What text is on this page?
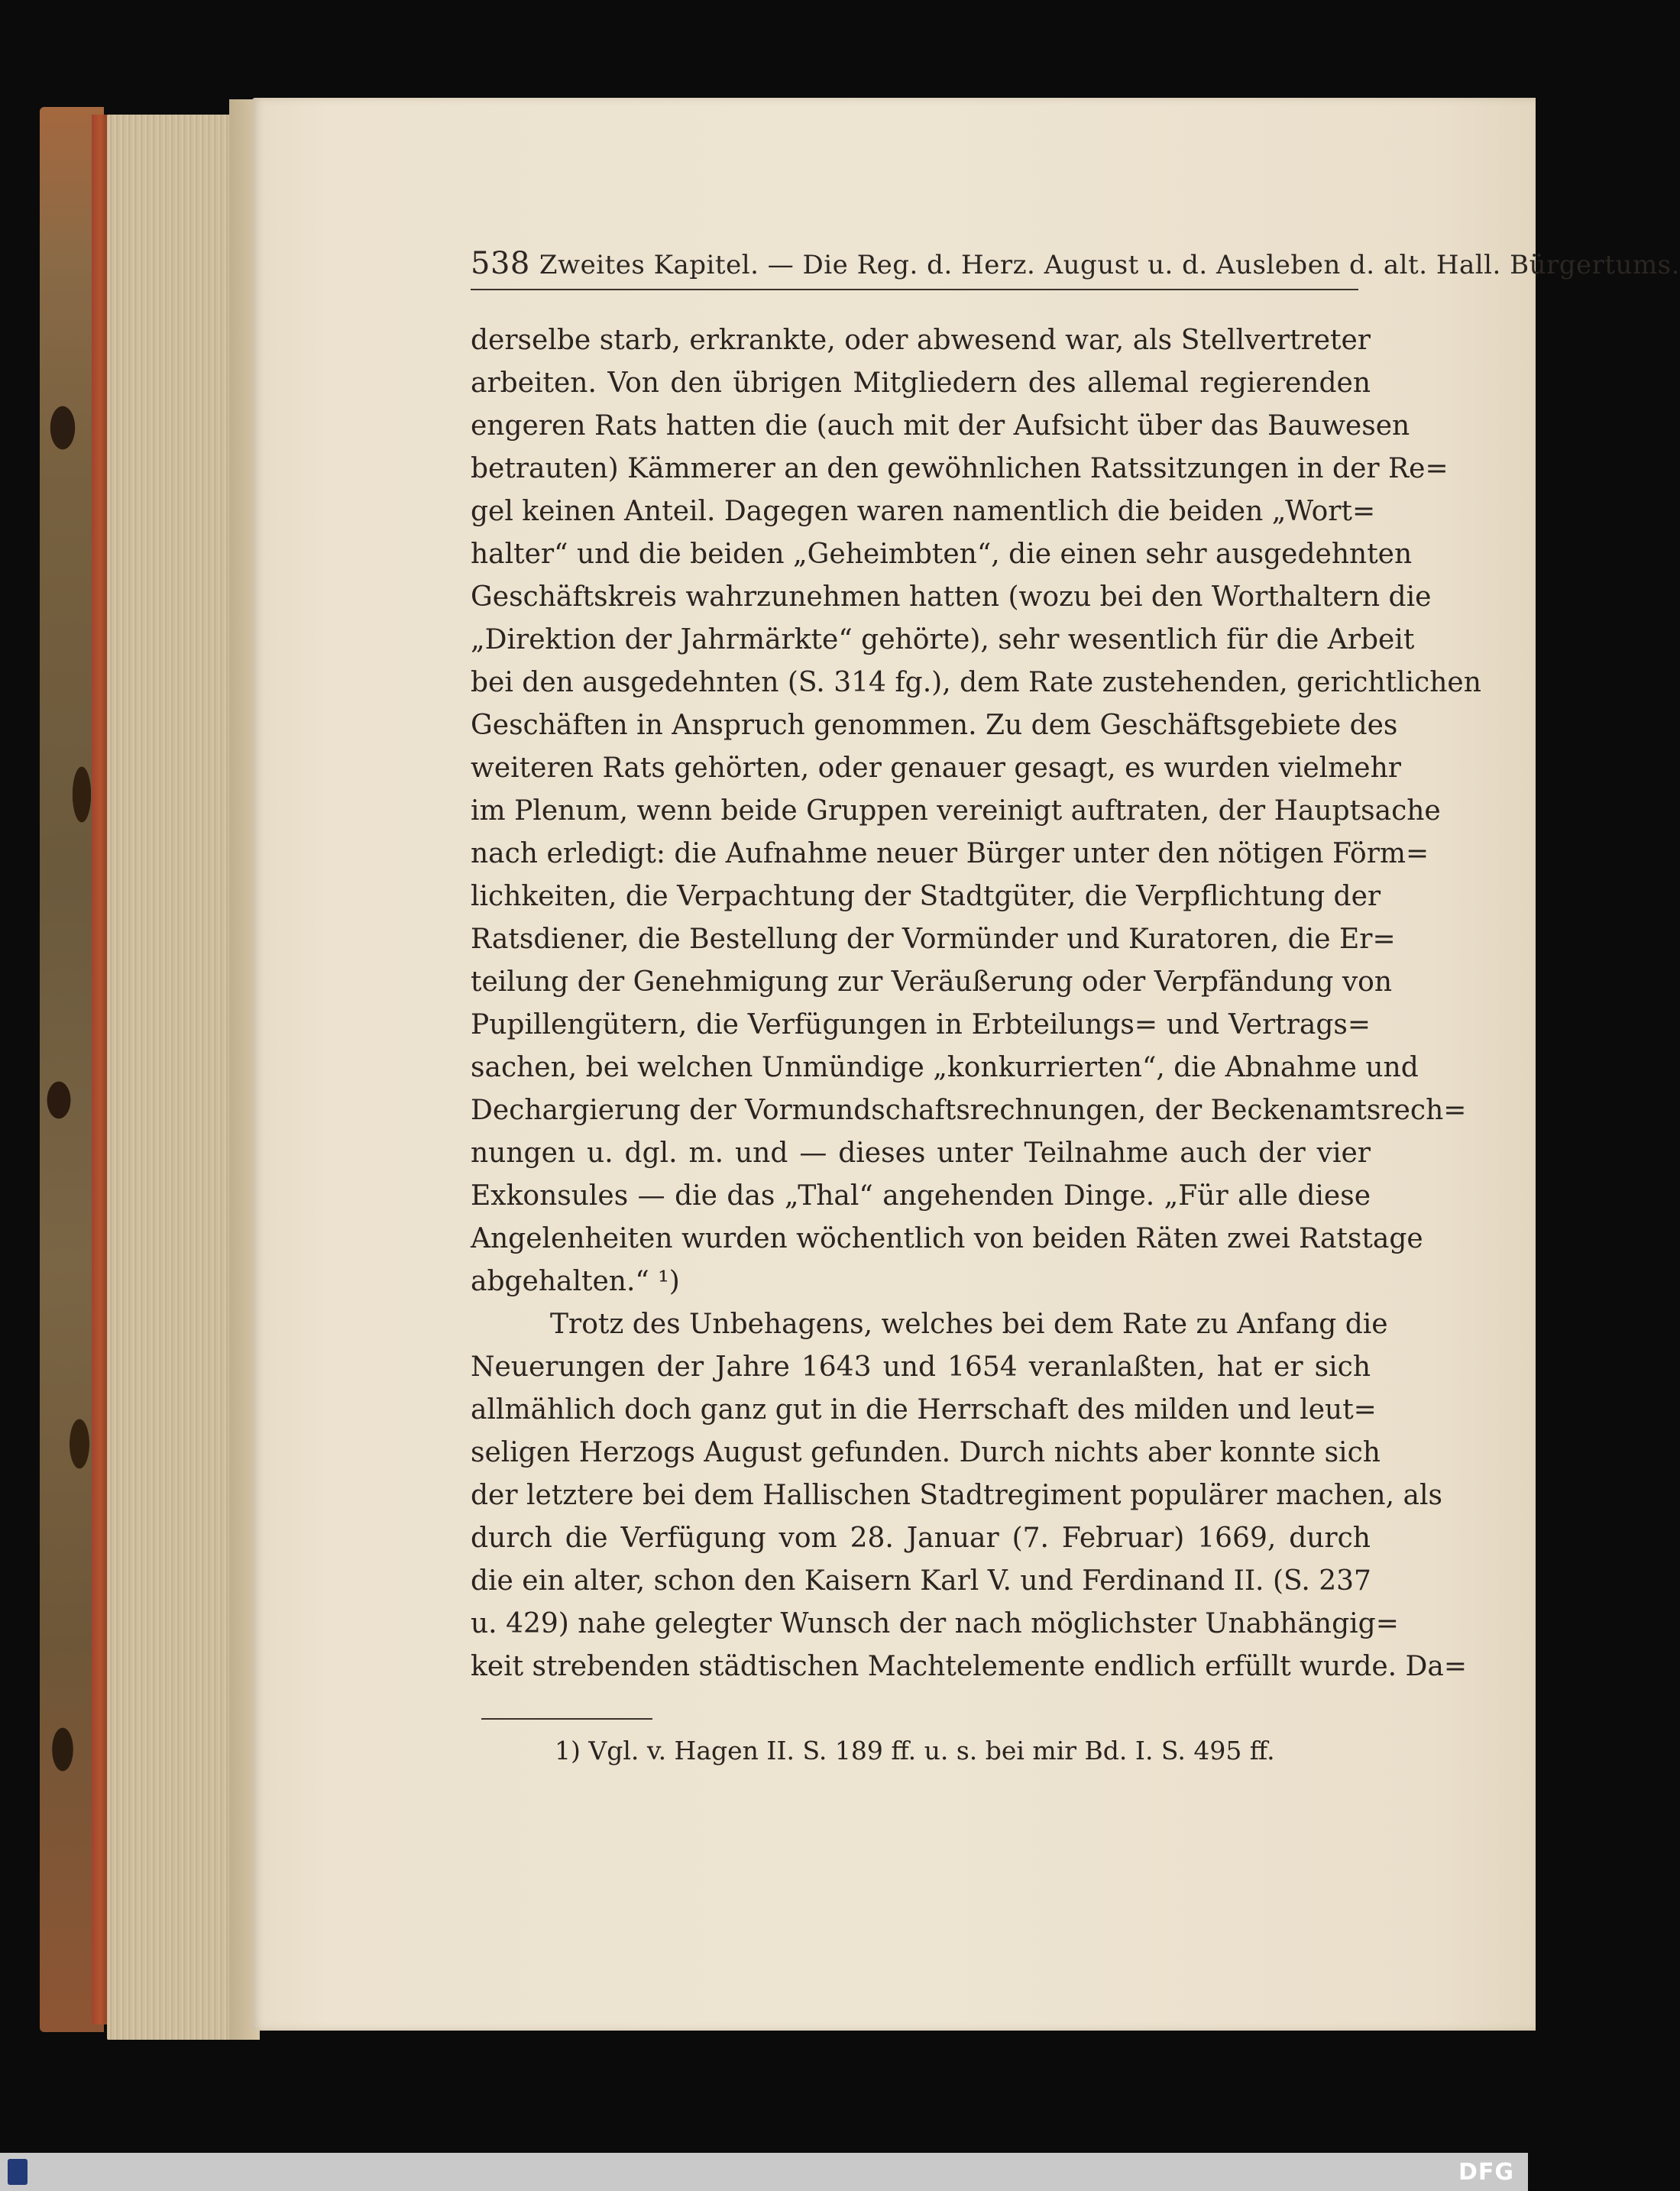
538 Zweites Kapitel. — Die Reg. d. Herz. August u. d. Ausleben d. alt. Hall. Bürgertums.
derselbe starb, erkrankte, oder abwesend war, als Stellvertreter
arbeiten. Von den übrigen Mitgliedern des allemal regierenden
engeren Rats hatten die (auch mit der Aufsicht über das Bauwesen
betrauten) Kämmerer an den gewöhnlichen Ratssitzungen in der Re=
gel keinen Anteil. Dagegen waren namentlich die beiden „Wort=
halter“ und die beiden „Geheimbten“, die einen sehr ausgedehnten
Geschäftskreis wahrzunehmen hatten (wozu bei den Worthaltern die
„Direktion der Jahrmärkte“ gehörte), sehr wesentlich für die Arbeit
bei den ausgedehnten (S. 314 fg.), dem Rate zustehenden, gerichtlichen
Geschäften in Anspruch genommen. Zu dem Geschäftsgebiete des
weiteren Rats gehörten, oder genauer gesagt, es wurden vielmehr
im Plenum, wenn beide Gruppen vereinigt auftraten, der Hauptsache
nach erledigt: die Aufnahme neuer Bürger unter den nötigen Förm=
lichkeiten, die Verpachtung der Stadtgüter, die Verpflichtung der
Ratsdiener, die Bestellung der Vormünder und Kuratoren, die Er=
teilung der Genehmigung zur Veräußerung oder Verpfändung von
Pupillengütern, die Verfügungen in Erbteilungs= und Vertrags=
sachen, bei welchen Unmündige „konkurrierten“, die Abnahme und
Dechargierung der Vormundschaftsrechnungen, der Beckenamtsrech=
nungen u. dgl. m. und — dieses unter Teilnahme auch der vier
Exkonsules — die das „Thal“ angehenden Dinge. „Für alle diese
Angelenheiten wurden wöchentlich von beiden Räten zwei Ratstage
abgehalten.“ ¹)
Trotz des Unbehagens, welches bei dem Rate zu Anfang die
Neuerungen der Jahre 1643 und 1654 veranlaßten, hat er sich
allmählich doch ganz gut in die Herrschaft des milden und leut=
seligen Herzogs August gefunden. Durch nichts aber konnte sich
der letztere bei dem Hallischen Stadtregiment populärer machen, als
durch die Verfügung vom 28. Januar (7. Februar) 1669, durch
die ein alter, schon den Kaisern Karl V. und Ferdinand II. (S. 237
u. 429) nahe gelegter Wunsch der nach möglichster Unabhängig=
keit strebenden städtischen Machtelemente endlich erfüllt wurde. Da=
1) Vgl. v. Hagen II. S. 189 ff. u. s. bei mir Bd. I. S. 495 ff.
DFG
